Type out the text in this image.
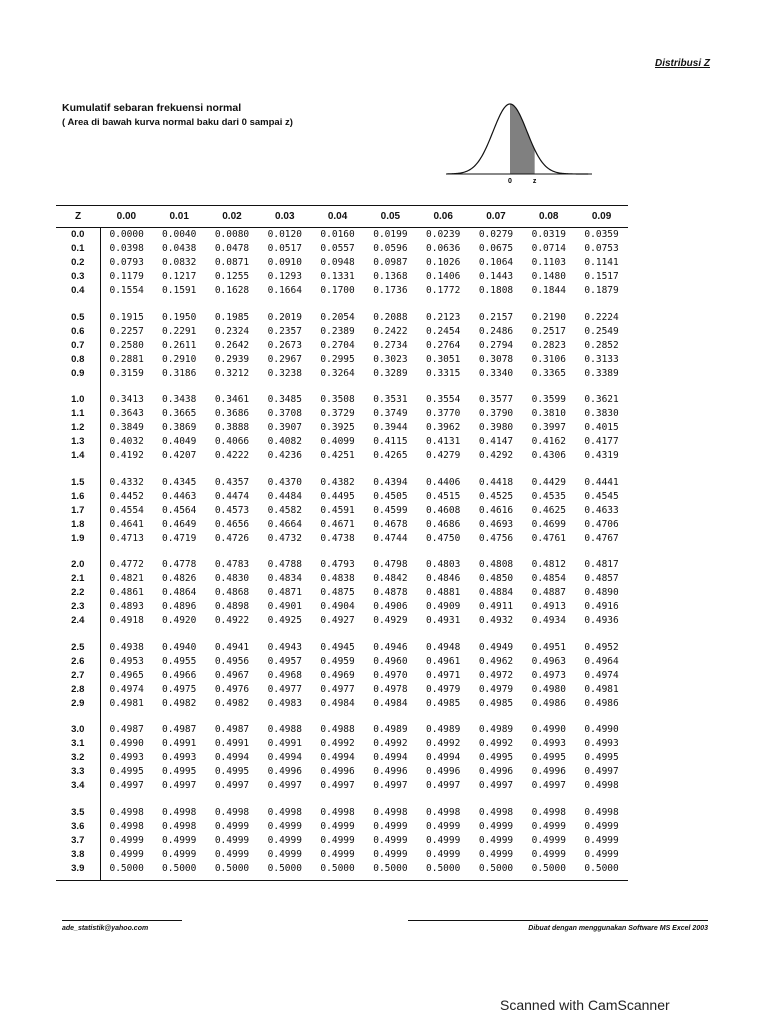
Distribusi Z
Kumulatif sebaran frekuensi normal
( Area di bawah kurva normal baku dari 0 sampai z)
0	z
Z	0.00	0.01	0.02	0.03	0.04	0.05	0.06	0.07	0.08	0.09
0.0	0.0000	0.0040	0.0080	0.0120	0.0160	0.0199	0.0239	0.0279	0.0319	0.0359
0.1	0.0398	0.0438	0.0478	0.0517	0.0557	0.0596	0.0636	0.0675	0.0714	0.0753
0.2	0.0793	0.0832	0.0871	0.0910	0.0948	0.0987	0.1026	0.1064	0.1103	0.1141
0.3	0.1179	0.1217	0.1255	0.1293	0.1331	0.1368	0.1406	0.1443	0.1480	0.1517
0.4	0.1554	0.1591	0.1628	0.1664	0.1700	0.1736	0.1772	0.1808	0.1844	0.1879

0.5	0.1915	0.1950	0.1985	0.2019	0.2054	0.2088	0.2123	0.2157	0.2190	0.2224
0.6	0.2257	0.2291	0.2324	0.2357	0.2389	0.2422	0.2454	0.2486	0.2517	0.2549
0.7	0.2580	0.2611	0.2642	0.2673	0.2704	0.2734	0.2764	0.2794	0.2823	0.2852
0.8	0.2881	0.2910	0.2939	0.2967	0.2995	0.3023	0.3051	0.3078	0.3106	0.3133
0.9	0.3159	0.3186	0.3212	0.3238	0.3264	0.3289	0.3315	0.3340	0.3365	0.3389

1.0	0.3413	0.3438	0.3461	0.3485	0.3508	0.3531	0.3554	0.3577	0.3599	0.3621
1.1	0.3643	0.3665	0.3686	0.3708	0.3729	0.3749	0.3770	0.3790	0.3810	0.3830
1.2	0.3849	0.3869	0.3888	0.3907	0.3925	0.3944	0.3962	0.3980	0.3997	0.4015
1.3	0.4032	0.4049	0.4066	0.4082	0.4099	0.4115	0.4131	0.4147	0.4162	0.4177
1.4	0.4192	0.4207	0.4222	0.4236	0.4251	0.4265	0.4279	0.4292	0.4306	0.4319

1.5	0.4332	0.4345	0.4357	0.4370	0.4382	0.4394	0.4406	0.4418	0.4429	0.4441
1.6	0.4452	0.4463	0.4474	0.4484	0.4495	0.4505	0.4515	0.4525	0.4535	0.4545
1.7	0.4554	0.4564	0.4573	0.4582	0.4591	0.4599	0.4608	0.4616	0.4625	0.4633
1.8	0.4641	0.4649	0.4656	0.4664	0.4671	0.4678	0.4686	0.4693	0.4699	0.4706
1.9	0.4713	0.4719	0.4726	0.4732	0.4738	0.4744	0.4750	0.4756	0.4761	0.4767

2.0	0.4772	0.4778	0.4783	0.4788	0.4793	0.4798	0.4803	0.4808	0.4812	0.4817
2.1	0.4821	0.4826	0.4830	0.4834	0.4838	0.4842	0.4846	0.4850	0.4854	0.4857
2.2	0.4861	0.4864	0.4868	0.4871	0.4875	0.4878	0.4881	0.4884	0.4887	0.4890
2.3	0.4893	0.4896	0.4898	0.4901	0.4904	0.4906	0.4909	0.4911	0.4913	0.4916
2.4	0.4918	0.4920	0.4922	0.4925	0.4927	0.4929	0.4931	0.4932	0.4934	0.4936

2.5	0.4938	0.4940	0.4941	0.4943	0.4945	0.4946	0.4948	0.4949	0.4951	0.4952
2.6	0.4953	0.4955	0.4956	0.4957	0.4959	0.4960	0.4961	0.4962	0.4963	0.4964
2.7	0.4965	0.4966	0.4967	0.4968	0.4969	0.4970	0.4971	0.4972	0.4973	0.4974
2.8	0.4974	0.4975	0.4976	0.4977	0.4977	0.4978	0.4979	0.4979	0.4980	0.4981
2.9	0.4981	0.4982	0.4982	0.4983	0.4984	0.4984	0.4985	0.4985	0.4986	0.4986

3.0	0.4987	0.4987	0.4987	0.4988	0.4988	0.4989	0.4989	0.4989	0.4990	0.4990
3.1	0.4990	0.4991	0.4991	0.4991	0.4992	0.4992	0.4992	0.4992	0.4993	0.4993
3.2	0.4993	0.4993	0.4994	0.4994	0.4994	0.4994	0.4994	0.4995	0.4995	0.4995
3.3	0.4995	0.4995	0.4995	0.4996	0.4996	0.4996	0.4996	0.4996	0.4996	0.4997
3.4	0.4997	0.4997	0.4997	0.4997	0.4997	0.4997	0.4997	0.4997	0.4997	0.4998

3.5	0.4998	0.4998	0.4998	0.4998	0.4998	0.4998	0.4998	0.4998	0.4998	0.4998
3.6	0.4998	0.4998	0.4999	0.4999	0.4999	0.4999	0.4999	0.4999	0.4999	0.4999
3.7	0.4999	0.4999	0.4999	0.4999	0.4999	0.4999	0.4999	0.4999	0.4999	0.4999
3.8	0.4999	0.4999	0.4999	0.4999	0.4999	0.4999	0.4999	0.4999	0.4999	0.4999
3.9	0.5000	0.5000	0.5000	0.5000	0.5000	0.5000	0.5000	0.5000	0.5000	0.5000

ade_statistik@yahoo.com	Dibuat dengan menggunakan Software MS Excel 2003
Scanned with CamScanner
